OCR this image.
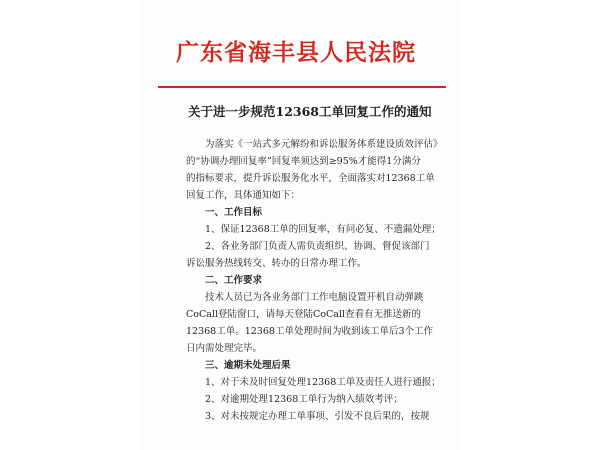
广东省海丰县人民法院
关于进一步规范12368工单回复工作的通知
为落实《一站式多元解纷和诉讼服务体系建设质效评估》
的“协调办理回复率”回复率须达到≥95%才能得1分满分
的指标要求，提升诉讼服务化水平，全面落实对12368工单
回复工作，具体通知如下：
一、工作目标
1、保证12368工单的回复率，有问必复、不遗漏处理；
2、各业务部门负责人需负责组织、协调、督促该部门
诉讼服务热线转交、转办的日常办理工作。
二、工作要求
技术人员已为各业务部门工作电脑设置开机自动弹跳
CoCall登陆窗口，请每天登陆CoCall查看有无推送新的
12368工单。12368工单处理时间为收到该工单后3个工作
日内需处理完毕。
三、逾期未处理后果
1、对于未及时回复处理12368工单及责任人进行通报；
2、对逾期处理12368工单行为纳入绩效考评；
3、对未按规定办理工单事项、引发不良后果的，按规
